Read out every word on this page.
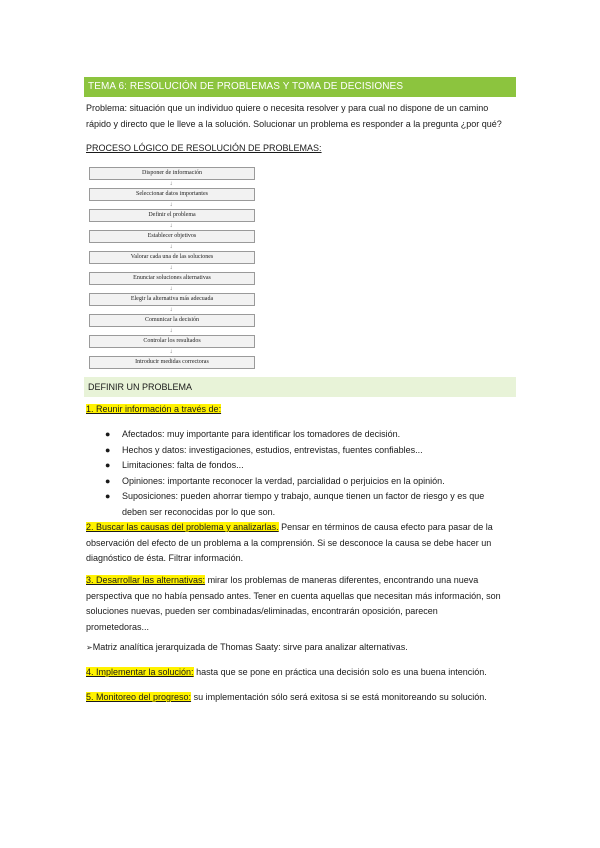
TEMA 6: RESOLUCIÓN DE PROBLEMAS Y TOMA DE DECISIONES
Problema: situación que un individuo quiere o necesita resolver y para cual no dispone de un camino
rápido y directo que le lleve a la solución. Solucionar un problema es responder a la pregunta ¿por qué?
PROCESO LÓGICO DE RESOLUCIÓN DE PROBLEMAS:
Disponer de información
↓
Seleccionar datos importantes
↓
Definir el problema
↓
Establecer objetivos
↓
Valorar cada una de las soluciones
↓
Enunciar soluciones alternativas
↓
Elegir la alternativa más adecuada
↓
Comunicar la decisión
↓
Controlar los resultados
↓
Introducir medidas correctoras
DEFINIR UN PROBLEMA
1. Reunir información a través de:
● Afectados: muy importante para identificar los tomadores de decisión.
● Hechos y datos: investigaciones, estudios, entrevistas, fuentes confiables...
● Limitaciones: falta de fondos...
● Opiniones: importante reconocer la verdad, parcialidad o perjuicios en la opinión.
● Suposiciones: pueden ahorrar tiempo y trabajo, aunque tienen un factor de riesgo y es que
deben ser reconocidas por lo que son.
2. Buscar las causas del problema y analizarlas. Pensar en términos de causa efecto para pasar de la
observación del efecto de un problema a la comprensión. Si se desconoce la causa se debe hacer un
diagnóstico de ésta. Filtrar información.
3. Desarrollar las alternativas: mirar los problemas de maneras diferentes, encontrando una nueva
perspectiva que no había pensado antes. Tener en cuenta aquellas que necesitan más información, son
soluciones nuevas, pueden ser combinadas/eliminadas, encontrarán oposición, parecen
prometedoras...
➢Matriz analítica jerarquizada de Thomas Saaty: sirve para analizar alternativas.
4. Implementar la solución: hasta que se pone en práctica una decisión solo es una buena intención.
5. Monitoreo del progreso: su implementación sólo será exitosa si se está monitoreando su solución.
